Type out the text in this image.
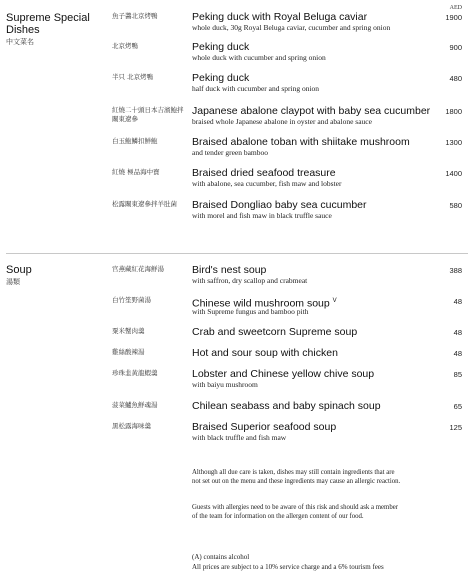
AED
Supreme Special
Dishes
中文菜名
魚子醬北京烤鴨	Peking duck with Royal Beluga caviar
whole duck, 30g Royal Beluga caviar, cucumber and spring onion
1900
北京烤鴨	Peking duck
whole duck with cucumber and spring onion
900
半只 北京烤鴨	Peking duck
half duck with cucumber and spring onion
480
紅燒二十頭日本吉濱鮑拌關東遼參
Japanese abalone claypot with baby sea cucumber
braised whole Japanese abalone in oyster and abalone sauce
1800
白玉鮑鱗扣鮮鮑	Braised abalone toban with shiitake mushroom
and tender green bamboo
1300
紅燒 極品海中寶	Braised dried seafood treasure
with abalone, sea cucumber, fish maw and lobster
1400
松露關東遼參拌羊肚菌	Braised Dongliao baby sea cucumber
with morel and fish maw in black truffle sauce
580
Soup
湯類
官燕藏紅花海鮮湯	Bird's nest soup
with saffron, dry scallop and crabmeat
388
白竹笙野菌湯	Chinese wild mushroom soup $^V$
with Supreme fungus and bamboo pith
48
粟米蟹肉羹	Crab and sweetcorn Supreme soup	48
雞絲酸辣湯	Hot and sour soup with chicken	48
珍珠韭黃龍蝦羹	Lobster and Chinese yellow chive soup
with baiyu mushroom
85
菠菜鱸魚鮮魂湯	Chilean seabass and baby spinach soup	65
黑松露海味羹	Braised Superior seafood soup
with black truffle and fish maw
125
Although all due care is taken, dishes may still contain ingredients that are not set out on the menu and these ingredients may cause an allergic reaction.
Guests with allergies need to be aware of this risk and should ask a member of the team for information on the allergen content of our food.
(A) contains alcohol
All prices are subject to a 10% service charge and a 6% tourism fees
